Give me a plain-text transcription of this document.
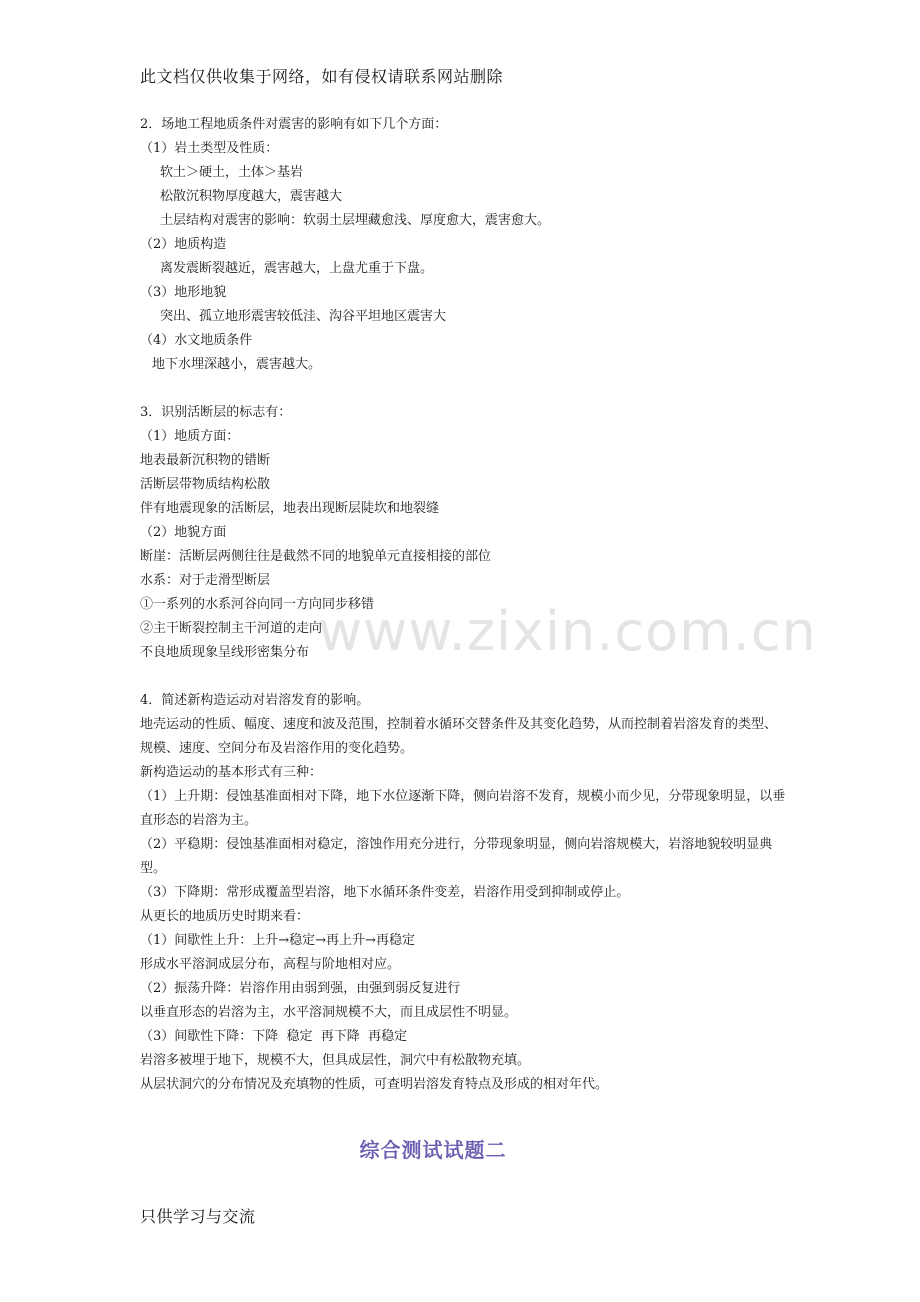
此文档仅供收集于网络，如有侵权请联系网站删除
www.zixin.com.cn
2．场地工程地质条件对震害的影响有如下几个方面：
（1）岩土类型及性质：
软土＞硬土，土体＞基岩
松散沉积物厚度越大，震害越大
土层结构对震害的影响：软弱土层埋藏愈浅、厚度愈大，震害愈大。
（2）地质构造
离发震断裂越近，震害越大，上盘尤重于下盘。
（3）地形地貌
突出、孤立地形震害较低洼、沟谷平坦地区震害大
（4）水文地质条件
地下水埋深越小，震害越大。
3．识别活断层的标志有：
（1）地质方面：
地表最新沉积物的错断
活断层带物质结构松散
伴有地震现象的活断层，地表出现断层陡坎和地裂缝
（2）地貌方面
断崖：活断层两侧往往是截然不同的地貌单元直接相接的部位
水系：对于走滑型断层
①一系列的水系河谷向同一方向同步移错
②主干断裂控制主干河道的走向
不良地质现象呈线形密集分布
4．简述新构造运动对岩溶发育的影响。
地壳运动的性质、幅度、速度和波及范围，控制着水循环交替条件及其变化趋势，从而控制着岩溶发育的类型、规模、速度、空间分布及岩溶作用的变化趋势。
新构造运动的基本形式有三种：
（1）上升期：侵蚀基准面相对下降，地下水位逐渐下降，侧向岩溶不发育，规模小而少见，分带现象明显，以垂直形态的岩溶为主。
（2）平稳期：侵蚀基准面相对稳定，溶蚀作用充分进行，分带现象明显，侧向岩溶规模大，岩溶地貌较明显典型。
（3）下降期：常形成覆盖型岩溶，地下水循环条件变差，岩溶作用受到抑制或停止。
从更长的地质历史时期来看：
（1）间歇性上升：上升→稳定→再上升→再稳定
形成水平溶洞成层分布，高程与阶地相对应。
（2）振荡升降：岩溶作用由弱到强，由强到弱反复进行
以垂直形态的岩溶为主，水平溶洞规模不大，而且成层性不明显。
（3）间歇性下降：下降  稳定  再下降  再稳定
岩溶多被埋于地下，规模不大，但具成层性，洞穴中有松散物充填。
从层状洞穴的分布情况及充填物的性质，可查明岩溶发育特点及形成的相对年代。
综合测试试题二
只供学习与交流
